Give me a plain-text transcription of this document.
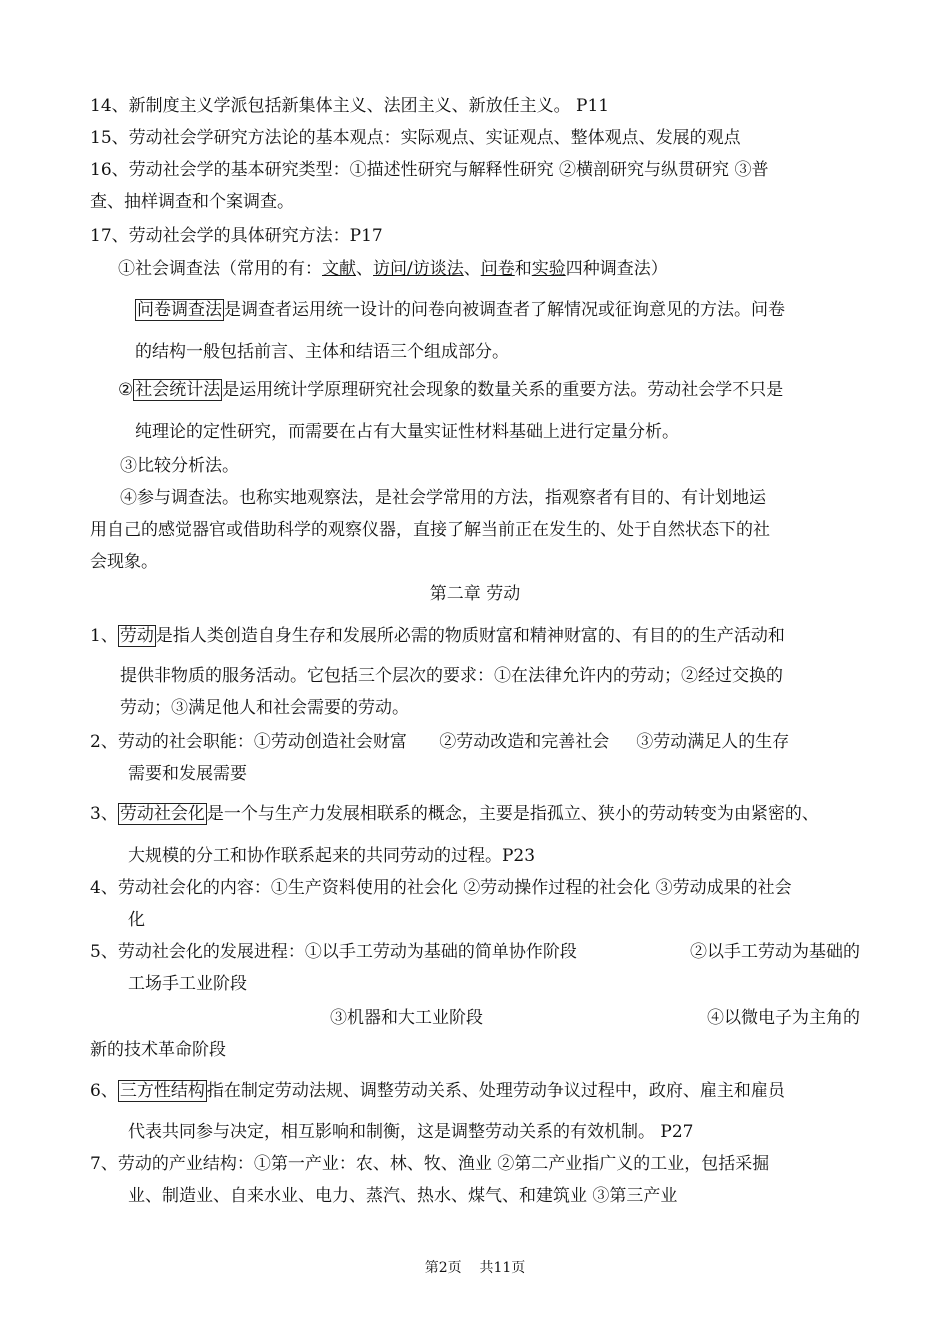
14、新制度主义学派包括新集体主义、法团主义、新放任主义。 P11
15、劳动社会学研究方法论的基本观点：实际观点、实证观点、整体观点、发展的观点
16、劳动社会学的基本研究类型：①描述性研究与解释性研究 ②横剖研究与纵贯研究 ③普
查、抽样调查和个案调查。
17、劳动社会学的具体研究方法：P17
①社会调查法（常用的有：文献、访问/访谈法、问卷和实验四种调查法）
问卷调查法 是调查者运用统一设计的问卷向被调查者了解情况或征询意见的方法。问卷
的结构一般包括前言、主体和结语三个组成部分。
② 社会统计法 是运用统计学原理研究社会现象的数量关系的重要方法。劳动社会学不只是
纯理论的定性研究，而需要在占有大量实证性材料基础上进行定量分析。
③比较分析法。
④参与调查法。也称实地观察法，是社会学常用的方法，指观察者有目的、有计划地运
用自己的感觉器官或借助科学的观察仪器，直接了解当前正在发生的、处于自然状态下的社
会现象。
第二章 劳动
1、 劳动 是指人类创造自身生存和发展所必需的物质财富和精神财富的、有目的的生产活动和
提供非物质的服务活动。它包括三个层次的要求：①在法律允许内的劳动；②经过交换的
劳动；③满足他人和社会需要的劳动。
2、劳动的社会职能：①劳动创造社会财富      ②劳动改造和完善社会     ③劳动满足人的生存
需要和发展需要
3、 劳动社会化 是一个与生产力发展相联系的概念，主要是指孤立、狭小的劳动转变为由紧密的、
大规模的分工和协作联系起来的共同劳动的过程。P23
4、劳动社会化的内容：①生产资料使用的社会化 ②劳动操作过程的社会化 ③劳动成果的社会
化
5、劳动社会化的发展进程：①以手工劳动为基础的简单协作阶段	②以手工劳动为基础的
工场手工业阶段
③机器和大工业阶段	④以微电子为主角的
新的技术革命阶段
6、 三方性结构 指在制定劳动法规、调整劳动关系、处理劳动争议过程中，政府、雇主和雇员
代表共同参与决定，相互影响和制衡，这是调整劳动关系的有效机制。 P27
7、劳动的产业结构：①第一产业：农、林、牧、渔业 ②第二产业指广义的工业，包括采掘
业、制造业、自来水业、电力、蒸汽、热水、煤气、和建筑业 ③第三产业
第2页    共11页
